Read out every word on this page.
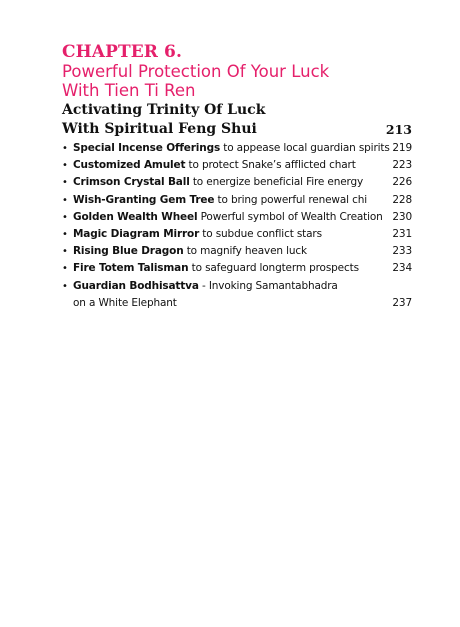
CHAPTER 6.
Powerful Protection Of Your Luck
With Tien Ti Ren
Activating Trinity Of Luck
With Spiritual Feng Shui	213
• Special Incense Offerings to appease local guardian spirits 219
• Customized Amulet to protect Snake’s afflicted chart	223
• Crimson Crystal Ball to energize beneficial Fire energy	226
• Wish-Granting Gem Tree to bring powerful renewal chi 228
• Golden Wealth Wheel Powerful symbol of Wealth Creation 230
• Magic Diagram Mirror to subdue conflict stars	231
• Rising Blue Dragon to magnify heaven luck	233
• Fire Totem Talisman to safeguard longterm prospects	234
• Guardian Bodhisattva - Invoking Samantabhadra
on a White Elephant	237
